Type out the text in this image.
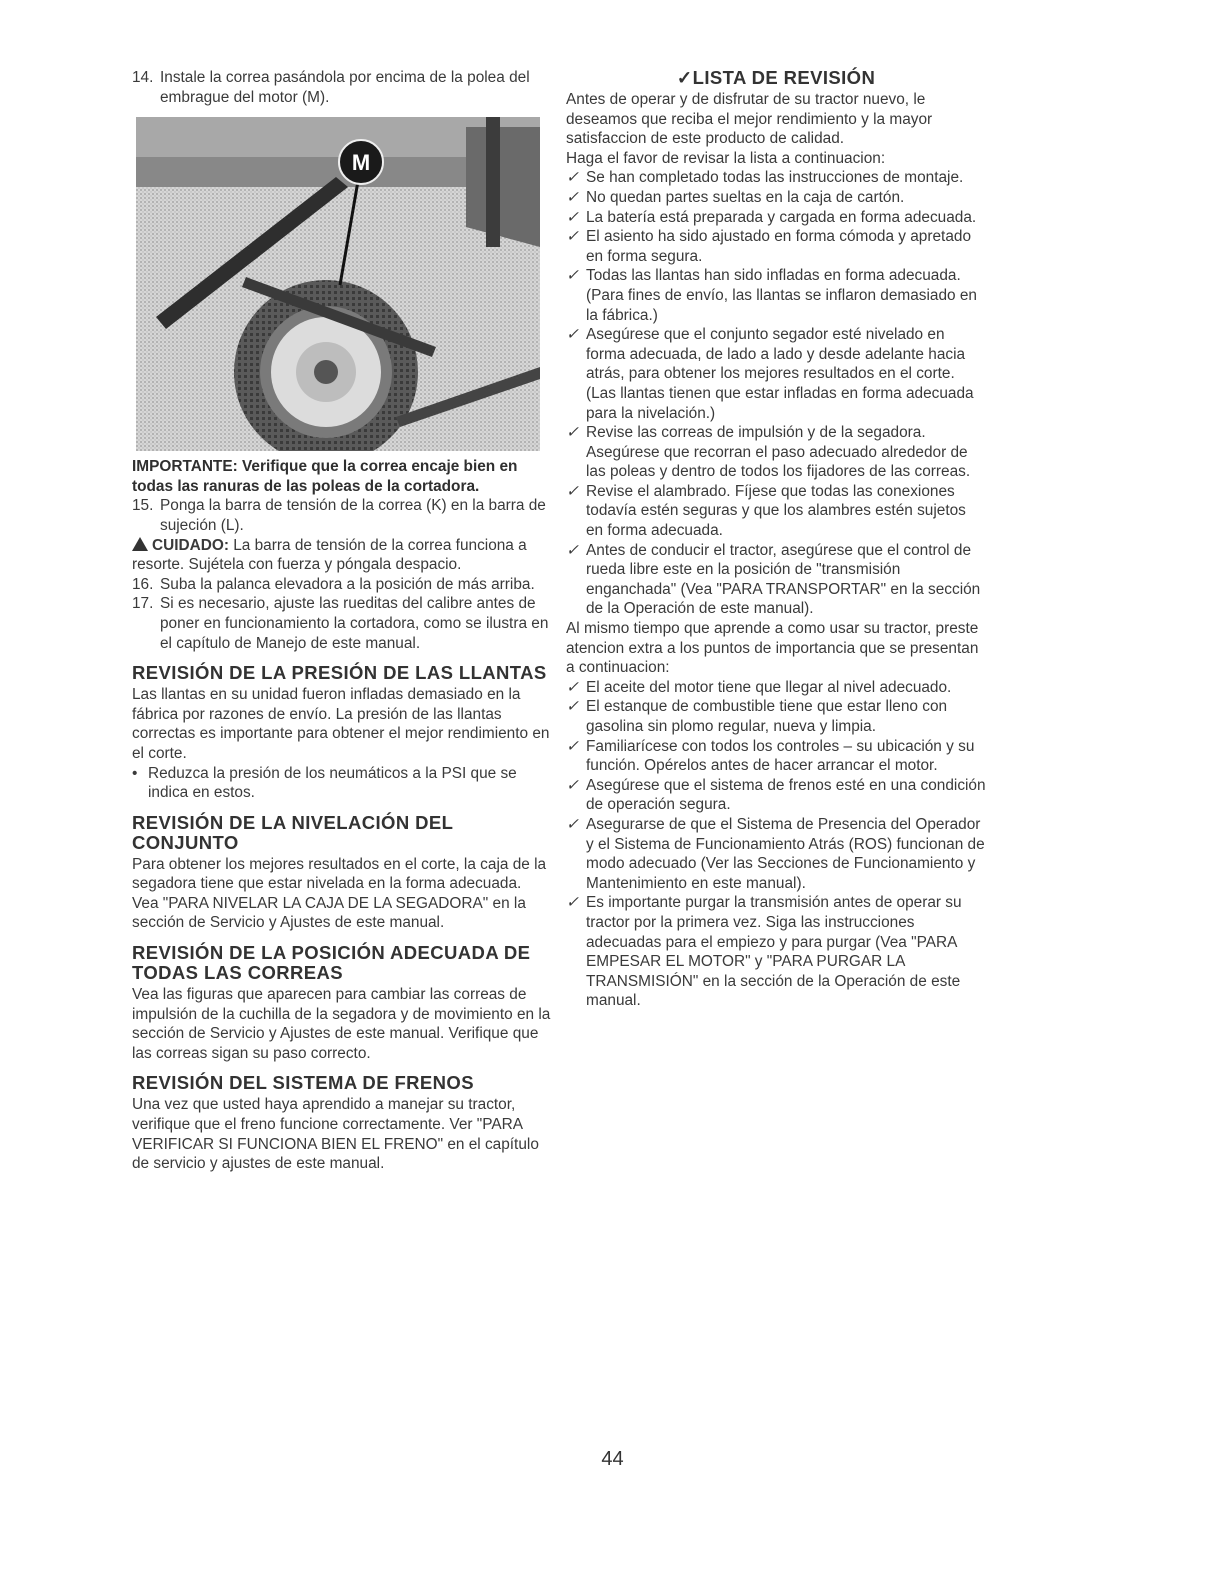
14. Instale la correa pasándola por encima de la polea del embrague del motor (M).

M

IMPORTANTE: Verifique que la correa encaje bien en todas las ranuras de las poleas de la cortadora.

15. Ponga la barra de tensión de la correa (K) en la barra de sujeción (L).

CUIDADO: La barra de tensión de la correa funciona a resorte. Sujétela con fuerza y póngala despacio.

16. Suba la palanca elevadora a la posición de más arriba.

17. Si es necesario, ajuste las rueditas del calibre antes de poner en funcionamiento la cortadora, como se ilustra en el capítulo de Manejo de este manual.

REVISIÓN DE LA PRESIÓN DE LAS LLANTAS

Las llantas en su unidad fueron infladas demasiado en la fábrica por razones de envío. La presión de las llantas correctas es importante para obtener el mejor rendimiento en el corte.

• Reduzca la presión de los neumáticos a la PSI que se indica en estos.

REVISIÓN DE LA NIVELACIÓN DEL CONJUNTO

Para obtener los mejores resultados en el corte, la caja de la segadora tiene que estar nivelada en la forma adecuada. Vea "PARA NIVELAR LA CAJA DE LA SEGADORA" en la sección de Servicio y Ajustes de este manual.

REVISIÓN DE LA POSICIÓN ADECUADA DE TODAS LAS CORREAS

Vea las figuras que aparecen para cambiar las correas de impulsión de la cuchilla de la segadora y de movimiento en la sección de Servicio y Ajustes de este manual. Verifique que las correas sigan su paso correcto.

REVISIÓN DEL SISTEMA DE FRENOS

Una vez que usted haya aprendido a manejar su tractor, verifique que el freno funcione correctamente. Ver "PARA VERIFICAR SI FUNCIONA BIEN EL FRENO" en el capítulo de servicio y ajustes de este manual.

✓LISTA DE REVISIÓN

Antes de operar y de disfrutar de su tractor nuevo, le deseamos que reciba el mejor rendimiento y la mayor satisfaccion de este producto de calidad.

Haga el favor de revisar la lista a continuacion:

✓ Se han completado todas las instrucciones de montaje.

✓ No quedan partes sueltas en la caja de cartón.

✓ La batería está preparada y cargada en forma adecuada.

✓ El asiento ha sido ajustado en forma cómoda y apretado en forma segura.

✓ Todas las llantas han sido infladas en forma adecuada. (Para fines de envío, las llantas se inflaron demasiado en la fábrica.)

✓ Asegúrese que el conjunto segador esté nivelado en forma adecuada, de lado a lado y desde adelante hacia atrás, para obtener los mejores resultados en el corte. (Las llantas tienen que estar infladas en forma adecuada para la nivelación.)

✓ Revise las correas de impulsión y de la segadora. Asegúrese que recorran el paso adecuado alrededor de las poleas y dentro de todos los fijadores de las correas.

✓ Revise el alambrado. Fíjese que todas las conexiones todavía estén seguras y que los alambres estén sujetos en forma adecuada.

✓ Antes de conducir el tractor, asegúrese que el control de rueda libre este en la posición de "transmisión enganchada" (Vea "PARA TRANSPORTAR" en la sección de la Operación de este manual).

Al mismo tiempo que aprende a como usar su tractor, preste atencion extra a los puntos de importancia que se presentan a continuacion:

✓ El aceite del motor tiene que llegar al nivel adecuado.

✓ El estanque de combustible tiene que estar lleno con gasolina sin plomo regular, nueva y limpia.

✓ Familiarícese con todos los controles – su ubicación y su función. Opérelos antes de hacer arrancar el motor.

✓ Asegúrese que el sistema de frenos esté en una condición de operación segura.

✓ Asegurarse de que el Sistema de Presencia del Operador y el Sistema de Funcionamiento Atrás (ROS) funcionan de modo adecuado (Ver las Secciones de Funcionamiento y Mantenimiento en este manual).

✓ Es importante purgar la transmisión antes de operar su tractor por la primera vez. Siga las instrucciones adecuadas para el empiezo y para purgar (Vea "PARA EMPESAR EL MOTOR" y "PARA PURGAR LA TRANSMISIÓN" en la sección de la Operación de este manual.

44
